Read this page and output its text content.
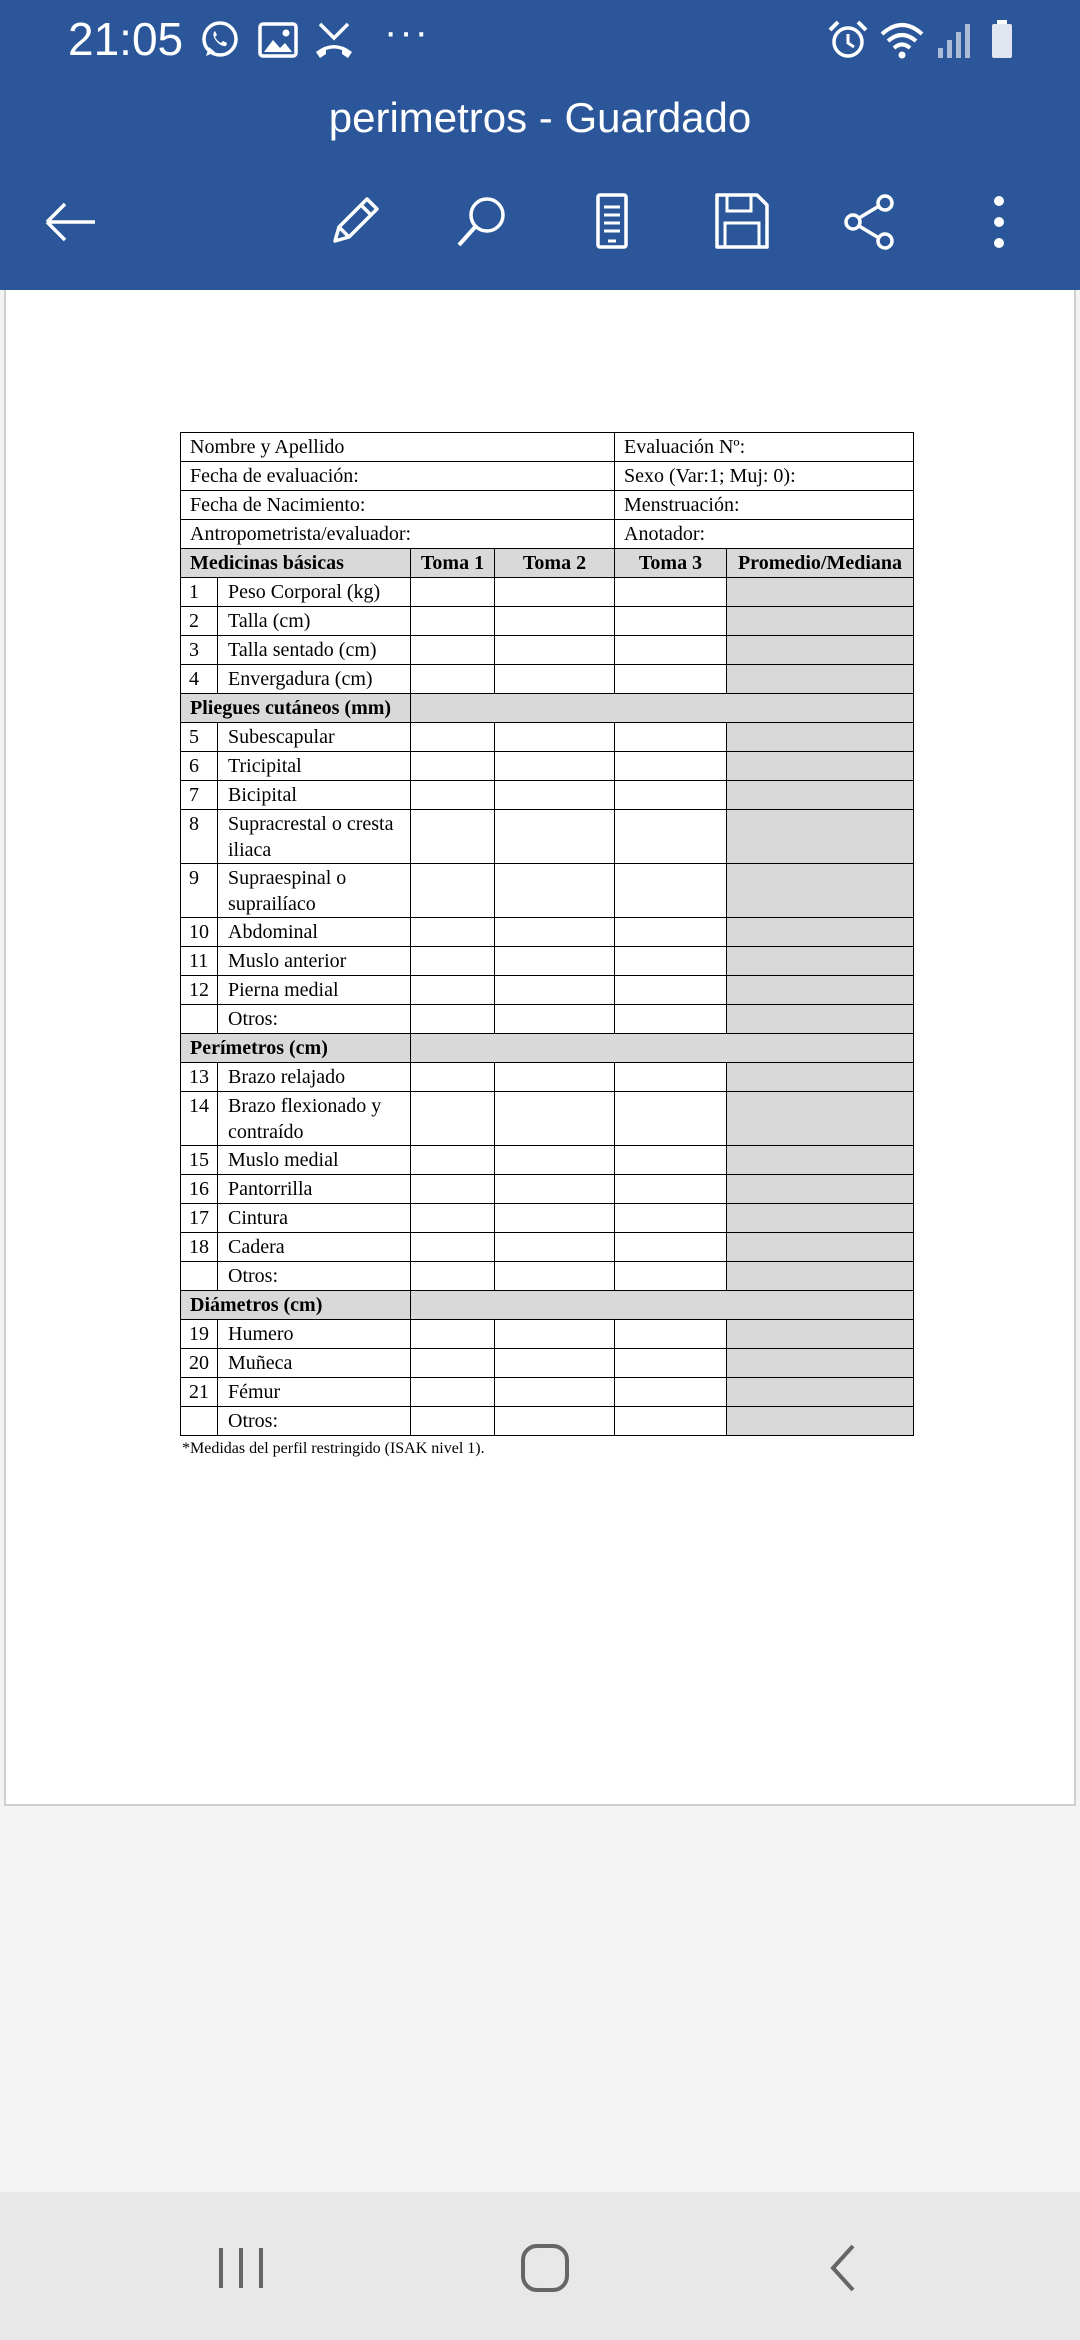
21:05	···
perimetros - Guardado
Nombre y Apellido				Evaluación Nº:	
Fecha de evaluación:				Sexo (Var:1; Muj: 0):	
Fecha de Nacimiento:				Menstruación:	
Antropometrista/evaluador:				Anotador:	
Medicinas básicas		Toma 1	Toma 2	Toma 3	Promedio/Mediana
1	Peso Corporal (kg)				
2	Talla (cm)				
3	Talla sentado (cm)				
4	Envergadura (cm)				
Pliegues cutáneos (mm)					
5	Subescapular				
6	Tricipital				
7	Bicipital				
8	Supracrestal o cresta iliaca				
9	Supraespinal o suprailíaco				
10	Abdominal				
11	Muslo anterior				
12	Pierna medial				
	Otros:				
Perímetros (cm)					
13	Brazo relajado				
14	Brazo flexionado y contraído				
15	Muslo medial				
16	Pantorrilla				
17	Cintura				
18	Cadera				
	Otros:				
Diámetros (cm)					
19	Humero				
20	Muñeca				
21	Fémur				
	Otros:				
*Medidas del perfil restringido (ISAK nivel 1).
